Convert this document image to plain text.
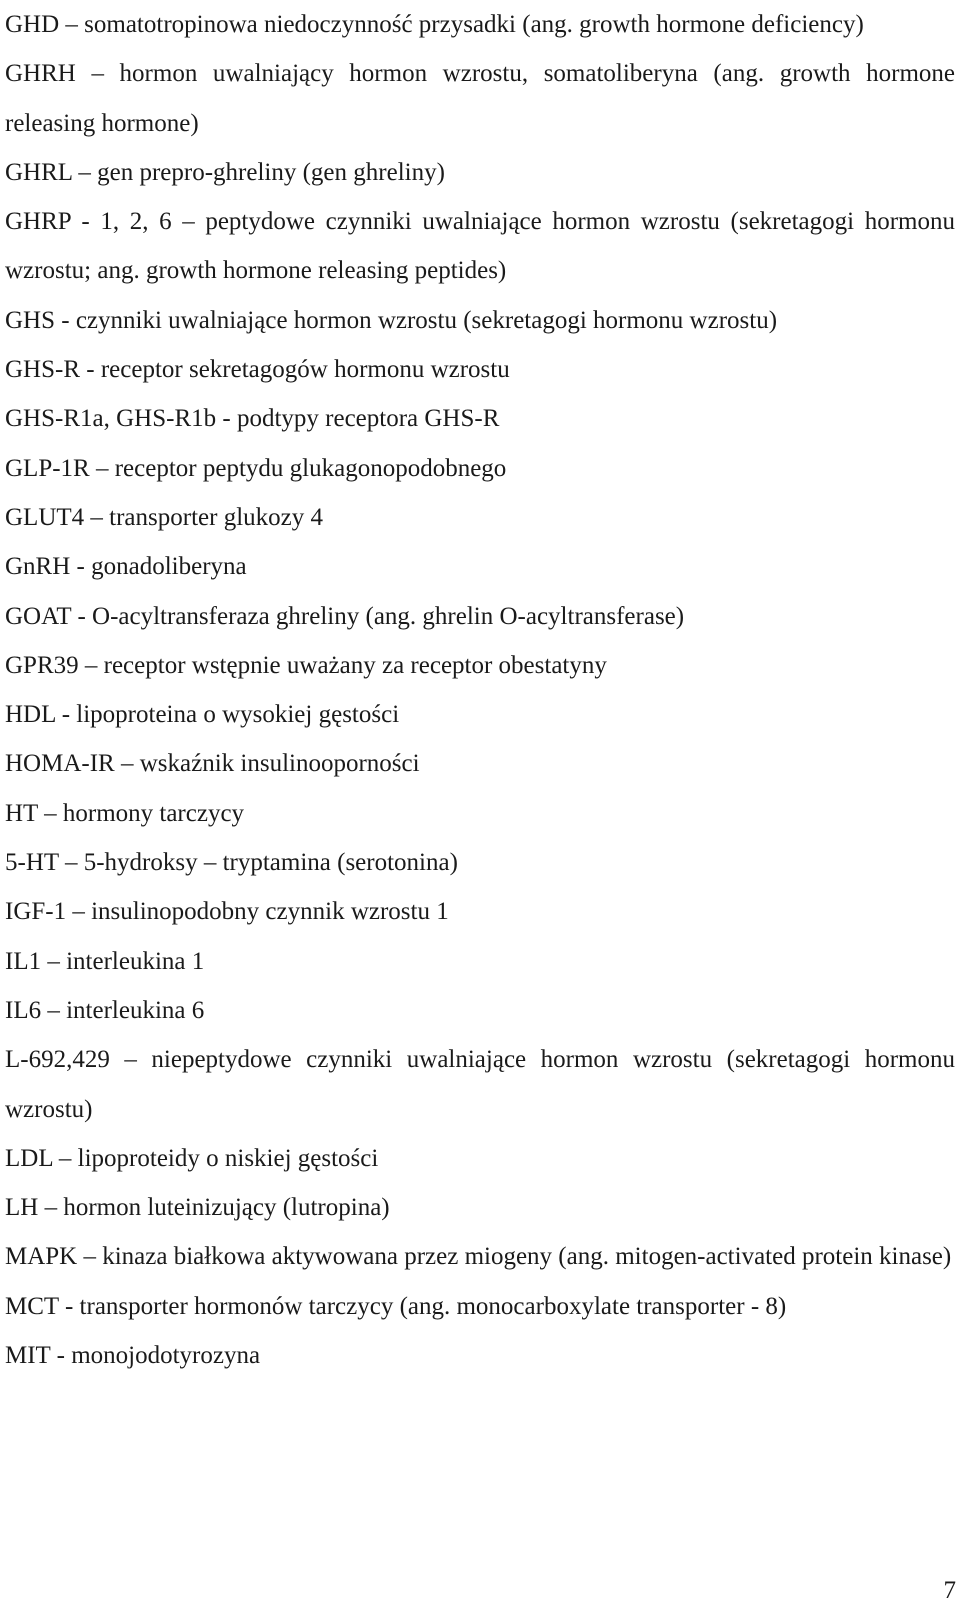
GHD – somatotropinowa niedoczynność przysadki (ang. growth hormone deficiency)
GHRH – hormon uwalniający hormon wzrostu, somatoliberyna (ang. growth hormone releasing hormone)
GHRL – gen prepro-ghreliny (gen ghreliny)
GHRP - 1, 2, 6 – peptydowe czynniki uwalniające hormon wzrostu (sekretagogi hormonu wzrostu; ang. growth hormone releasing peptides)
GHS - czynniki uwalniające hormon wzrostu (sekretagogi hormonu wzrostu)
GHS-R - receptor sekretagogów hormonu wzrostu
GHS-R1a, GHS-R1b - podtypy receptora GHS-R
GLP-1R – receptor peptydu glukagonopodobnego
GLUT4 – transporter glukozy 4
GnRH - gonadoliberyna
GOAT - O-acyltransferaza ghreliny (ang. ghrelin O-acyltransferase)
GPR39 – receptor wstępnie uważany za receptor obestatyny
HDL - lipoproteina o wysokiej gęstości
HOMA-IR – wskaźnik insulinooporności
HT – hormony tarczycy
5-HT – 5-hydroksy – tryptamina (serotonina)
IGF-1 – insulinopodobny czynnik wzrostu 1
IL1 – interleukina 1
IL6 – interleukina 6
L-692,429 – niepeptydowe czynniki uwalniające hormon wzrostu (sekretagogi hormonu wzrostu)
LDL – lipoproteidy o niskiej gęstości
LH – hormon luteinizujący (lutropina)
MAPK – kinaza białkowa aktywowana przez miogeny (ang. mitogen-activated protein kinase)
MCT - transporter hormonów tarczycy (ang. monocarboxylate transporter - 8)
MIT - monojodotyrozyna
7
